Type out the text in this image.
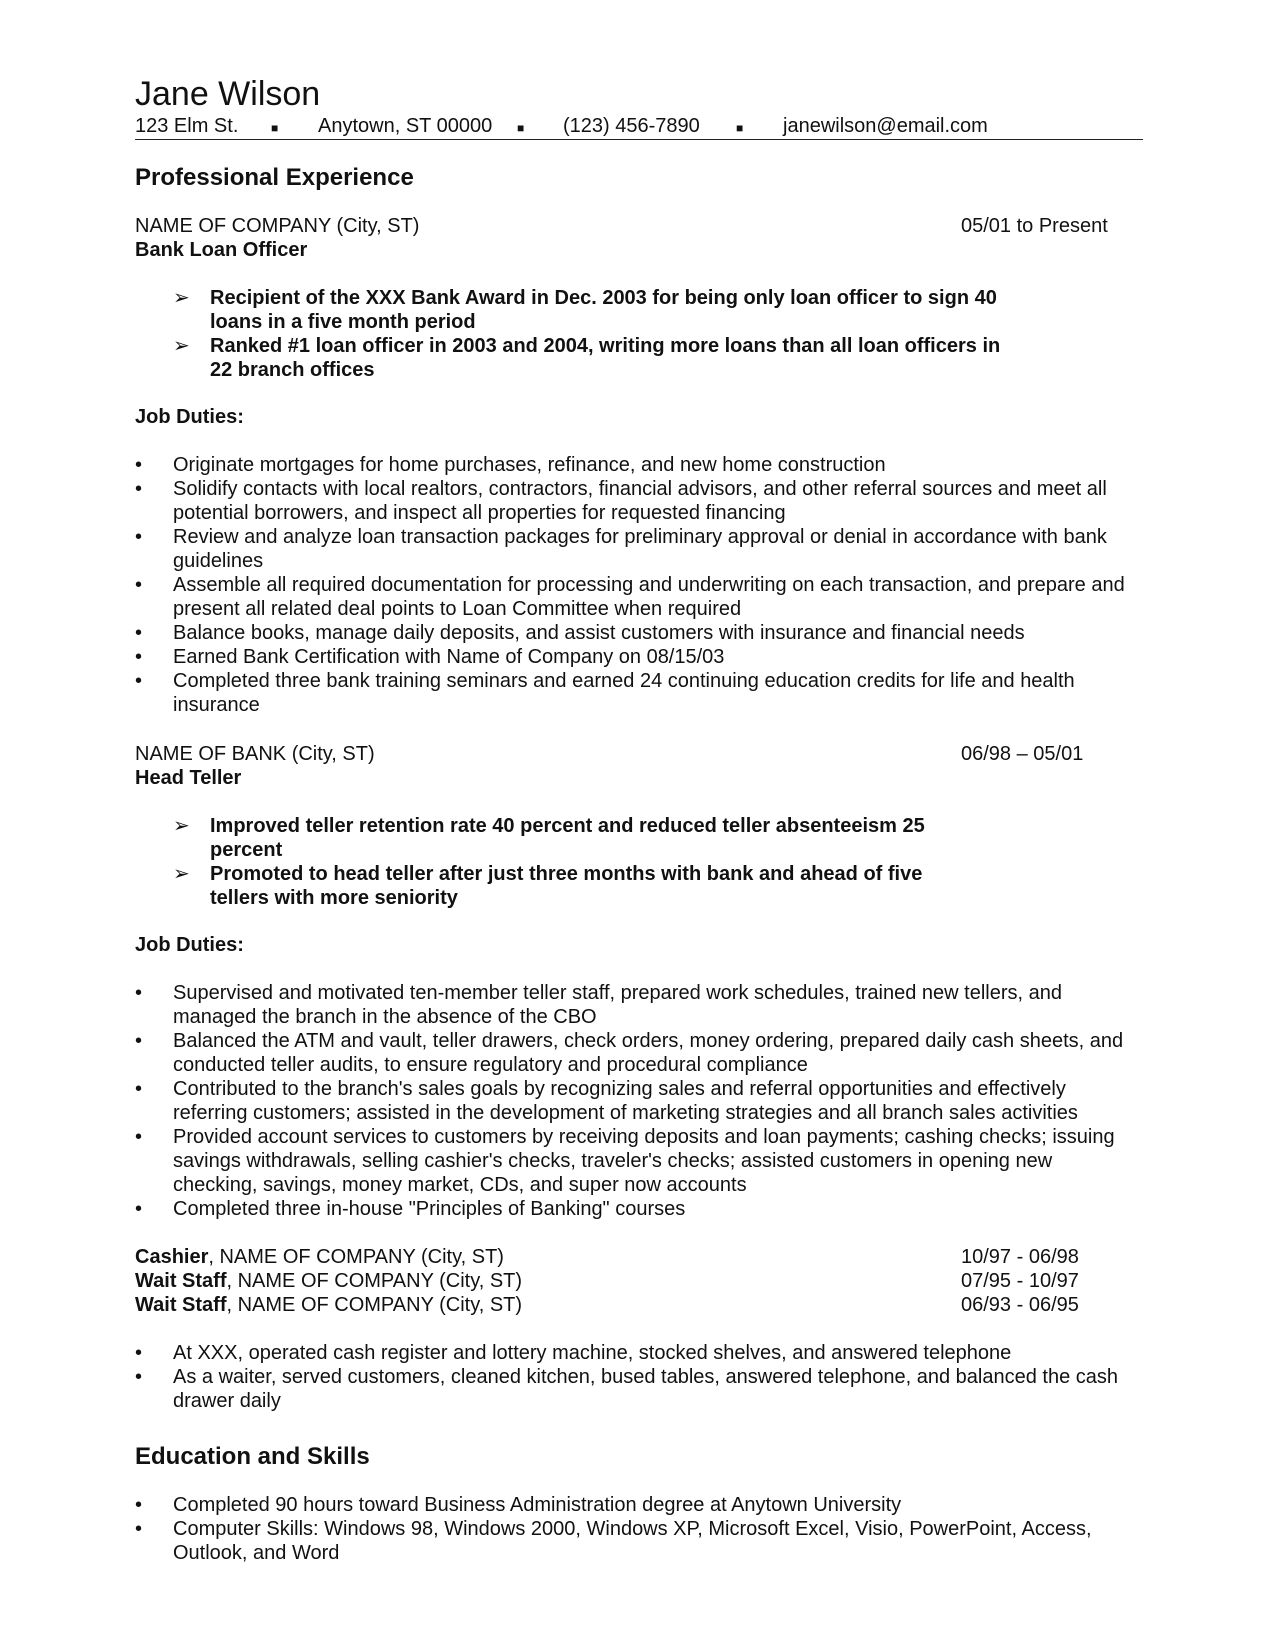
Jane Wilson
123 Elm St.	■ Anytown, ST 00000 ■ (123) 456-7890	■ janewilson@email.com
Professional Experience
NAME OF COMPANY (City, ST)	05/01 to Present
Bank Loan Officer
➢ Recipient of the XXX Bank Award in Dec. 2003 for being only loan officer to sign 40 loans in a five month period
➢ Ranked #1 loan officer in 2003 and 2004, writing more loans than all loan officers in 22 branch offices
Job Duties:
• Originate mortgages for home purchases, refinance, and new home construction
• Solidify contacts with local realtors, contractors, financial advisors, and other referral sources and meet all potential borrowers, and inspect all properties for requested financing
• Review and analyze loan transaction packages for preliminary approval or denial in accordance with bank guidelines
• Assemble all required documentation for processing and underwriting on each transaction, and prepare and present all related deal points to Loan Committee when required
• Balance books, manage daily deposits, and assist customers with insurance and financial needs
• Earned Bank Certification with Name of Company on 08/15/03
• Completed three bank training seminars and earned 24 continuing education credits for life and health insurance
NAME OF BANK (City, ST)	06/98 – 05/01
Head Teller
➢ Improved teller retention rate 40 percent and reduced teller absenteeism 25 percent
➢ Promoted to head teller after just three months with bank and ahead of five tellers with more seniority
Job Duties:
• Supervised and motivated ten-member teller staff, prepared work schedules, trained new tellers, and managed the branch in the absence of the CBO
• Balanced the ATM and vault, teller drawers, check orders, money ordering, prepared daily cash sheets, and conducted teller audits, to ensure regulatory and procedural compliance
• Contributed to the branch's sales goals by recognizing sales and referral opportunities and effectively referring customers; assisted in the development of marketing strategies and all branch sales activities
• Provided account services to customers by receiving deposits and loan payments; cashing checks; issuing savings withdrawals, selling cashier's checks, traveler's checks; assisted customers in opening new checking, savings, money market, CDs, and super now accounts
• Completed three in-house "Principles of Banking" courses
Cashier, NAME OF COMPANY (City, ST)	10/97 - 06/98
Wait Staff, NAME OF COMPANY (City, ST)	07/95 - 10/97
Wait Staff, NAME OF COMPANY (City, ST)	06/93 - 06/95
• At XXX, operated cash register and lottery machine, stocked shelves, and answered telephone
• As a waiter, served customers, cleaned kitchen, bused tables, answered telephone, and balanced the cash drawer daily
Education and Skills
• Completed 90 hours toward Business Administration degree at Anytown University
• Computer Skills: Windows 98, Windows 2000, Windows XP, Microsoft Excel, Visio, PowerPoint, Access, Outlook, and Word
